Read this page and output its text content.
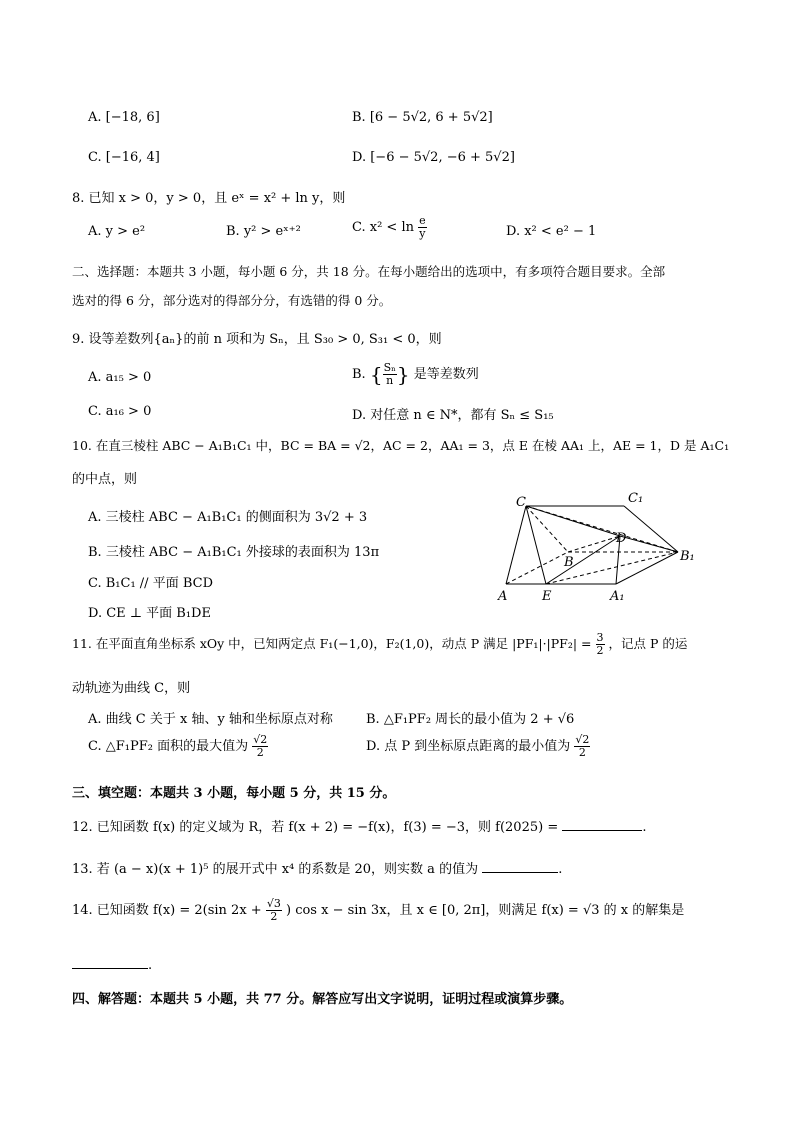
A. [−18, 6]	B. [6 − 5√2, 6 + 5√2]
C. [−16, 4]	D. [−6 − 5√2, −6 + 5√2]
8. 已知 x > 0，y > 0，且 eˣ = x² + ln y，则
A. y > e²	B. y² > eˣ⁺²	C. $x^2 < \ln \frac{e}{y}$	D. x² < e² − 1
二、选择题：本题共 3 小题，每小题 6 分，共 18 分。在每小题给出的选项中，有多项符合题目要求。全部
选对的得 6 分，部分选对的得部分分，有选错的得 0 分。
9. 设等差数列{aₙ}的前 n 项和为 Sₙ，且 S₃₀ > 0, S₃₁ < 0，则
A. a₁₅ > 0	B. { $\frac{\text{Sₙ}}{n}$ } 是等差数列
C. a₁₆ > 0	D. 对任意 n ∈ N*，都有 Sₙ ≤ S₁₅
10. 在直三棱柱 ABC − A₁B₁C₁ 中，BC = BA = √2，AC = 2，AA₁ = 3，点 E 在棱 AA₁ 上，AE = 1，D 是 A₁C₁
的中点，则
A. 三棱柱 ABC − A₁B₁C₁ 的侧面积为 3√2 + 3
B. 三棱柱 ABC − A₁B₁C₁ 外接球的表面积为 13π
C. B₁C₁ // 平面 BCD
D. CE ⊥ 平面 B₁DE
C	C₁
D
B	B₁
A	E	A₁
11. 在平面直角坐标系 xOy 中，已知两定点 F₁(−1,0)，F₂(1,0)，动点 P 满足 $|PF_1|\cdot|PF_2| = \frac{3}{2}$ ，记点 P 的运
动轨迹为曲线 C，则
A. 曲线 C 关于 x 轴、y 轴和坐标原点对称	B. △F₁PF₂ 周长的最小值为 2 + √6
C. △F₁PF₂ 面积的最大值为 $\frac{√2}{2}$	D. 点 P 到坐标原点距离的最小值为 $\frac{√2}{2}$
三、填空题：本题共 3 小题，每小题 5 分，共 15 分。
12. 已知函数 f(x) 的定义域为 R，若 f(x + 2) = −f(x)，f(3) = −3，则 f(2025) =	.
13. 若 (a − x)(x + 1)⁵ 的展开式中 x⁴ 的系数是 20，则实数 a 的值为	.
14. 已知函数 f(x) = 2(sin $2x + \frac{√3}{2}$ ) cos x − sin 3x，且 x ∈ [0, 2π]，则满足 f(x) = √3 的 x 的解集是
.
四、解答题：本题共 5 小题，共 77 分。解答应写出文字说明，证明过程或演算步骤。
